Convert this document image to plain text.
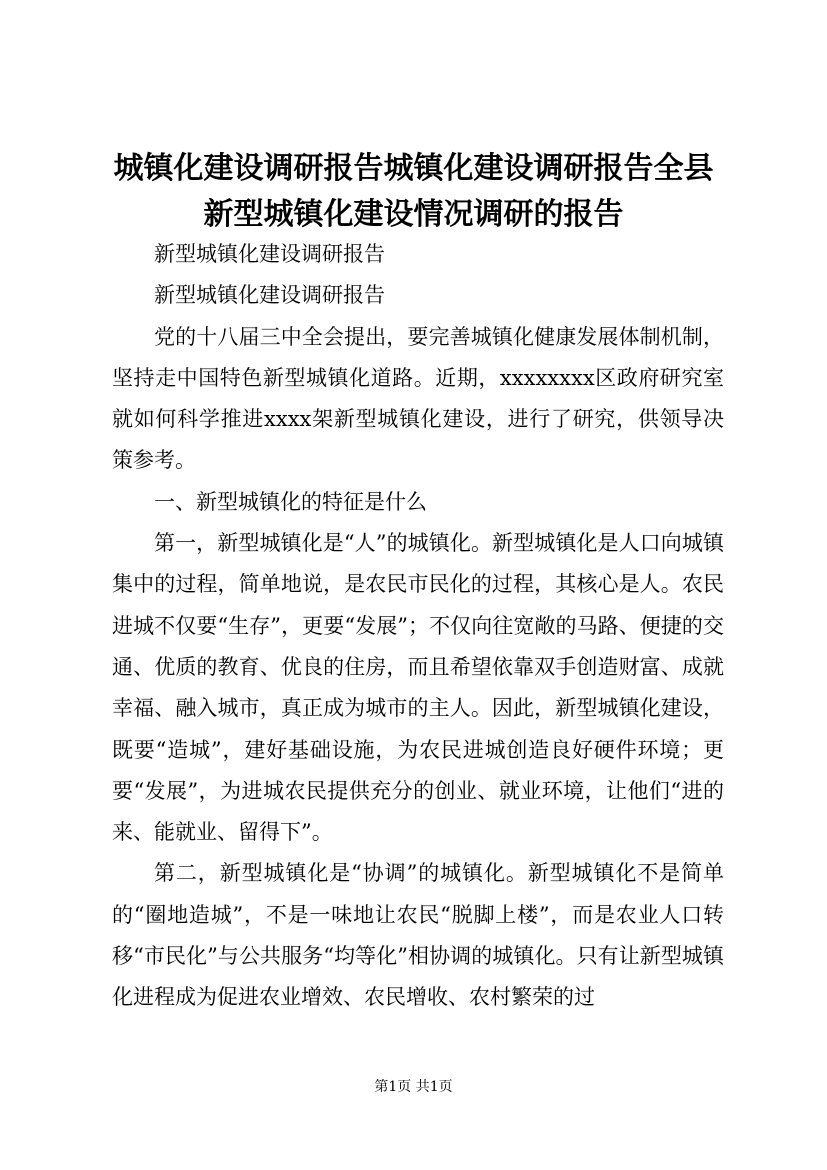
城镇化建设调研报告城镇化建设调研报告全县新型城镇化建设情况调研的报告

新型城镇化建设调研报告

新型城镇化建设调研报告

党的十八届三中全会提出，要完善城镇化健康发展体制机制，坚持走中国特色新型城镇化道路。近期，xxxxxxxx区政府研究室就如何科学推进xxxx架新型城镇化建设，进行了研究，供领导决策参考。

一、新型城镇化的特征是什么

第一，新型城镇化是“人”的城镇化。新型城镇化是人口向城镇集中的过程，简单地说，是农民市民化的过程，其核心是人。农民进城不仅要“生存”，更要“发展”；不仅向往宽敞的马路、便捷的交通、优质的教育、优良的住房，而且希望依靠双手创造财富、成就幸福、融入城市，真正成为城市的主人。因此，新型城镇化建设，既要“造城”，建好基础设施，为农民进城创造良好硬件环境；更要“发展”，为进城农民提供充分的创业、就业环境，让他们“进的来、能就业、留得下”。

第二，新型城镇化是“协调”的城镇化。新型城镇化不是简单的“圈地造城”，不是一味地让农民“脱脚上楼”，而是农业人口转移“市民化”与公共服务“均等化”相协调的城镇化。只有让新型城镇化进程成为促进农业增效、农民增收、农村繁荣的过

第1页 共1页
